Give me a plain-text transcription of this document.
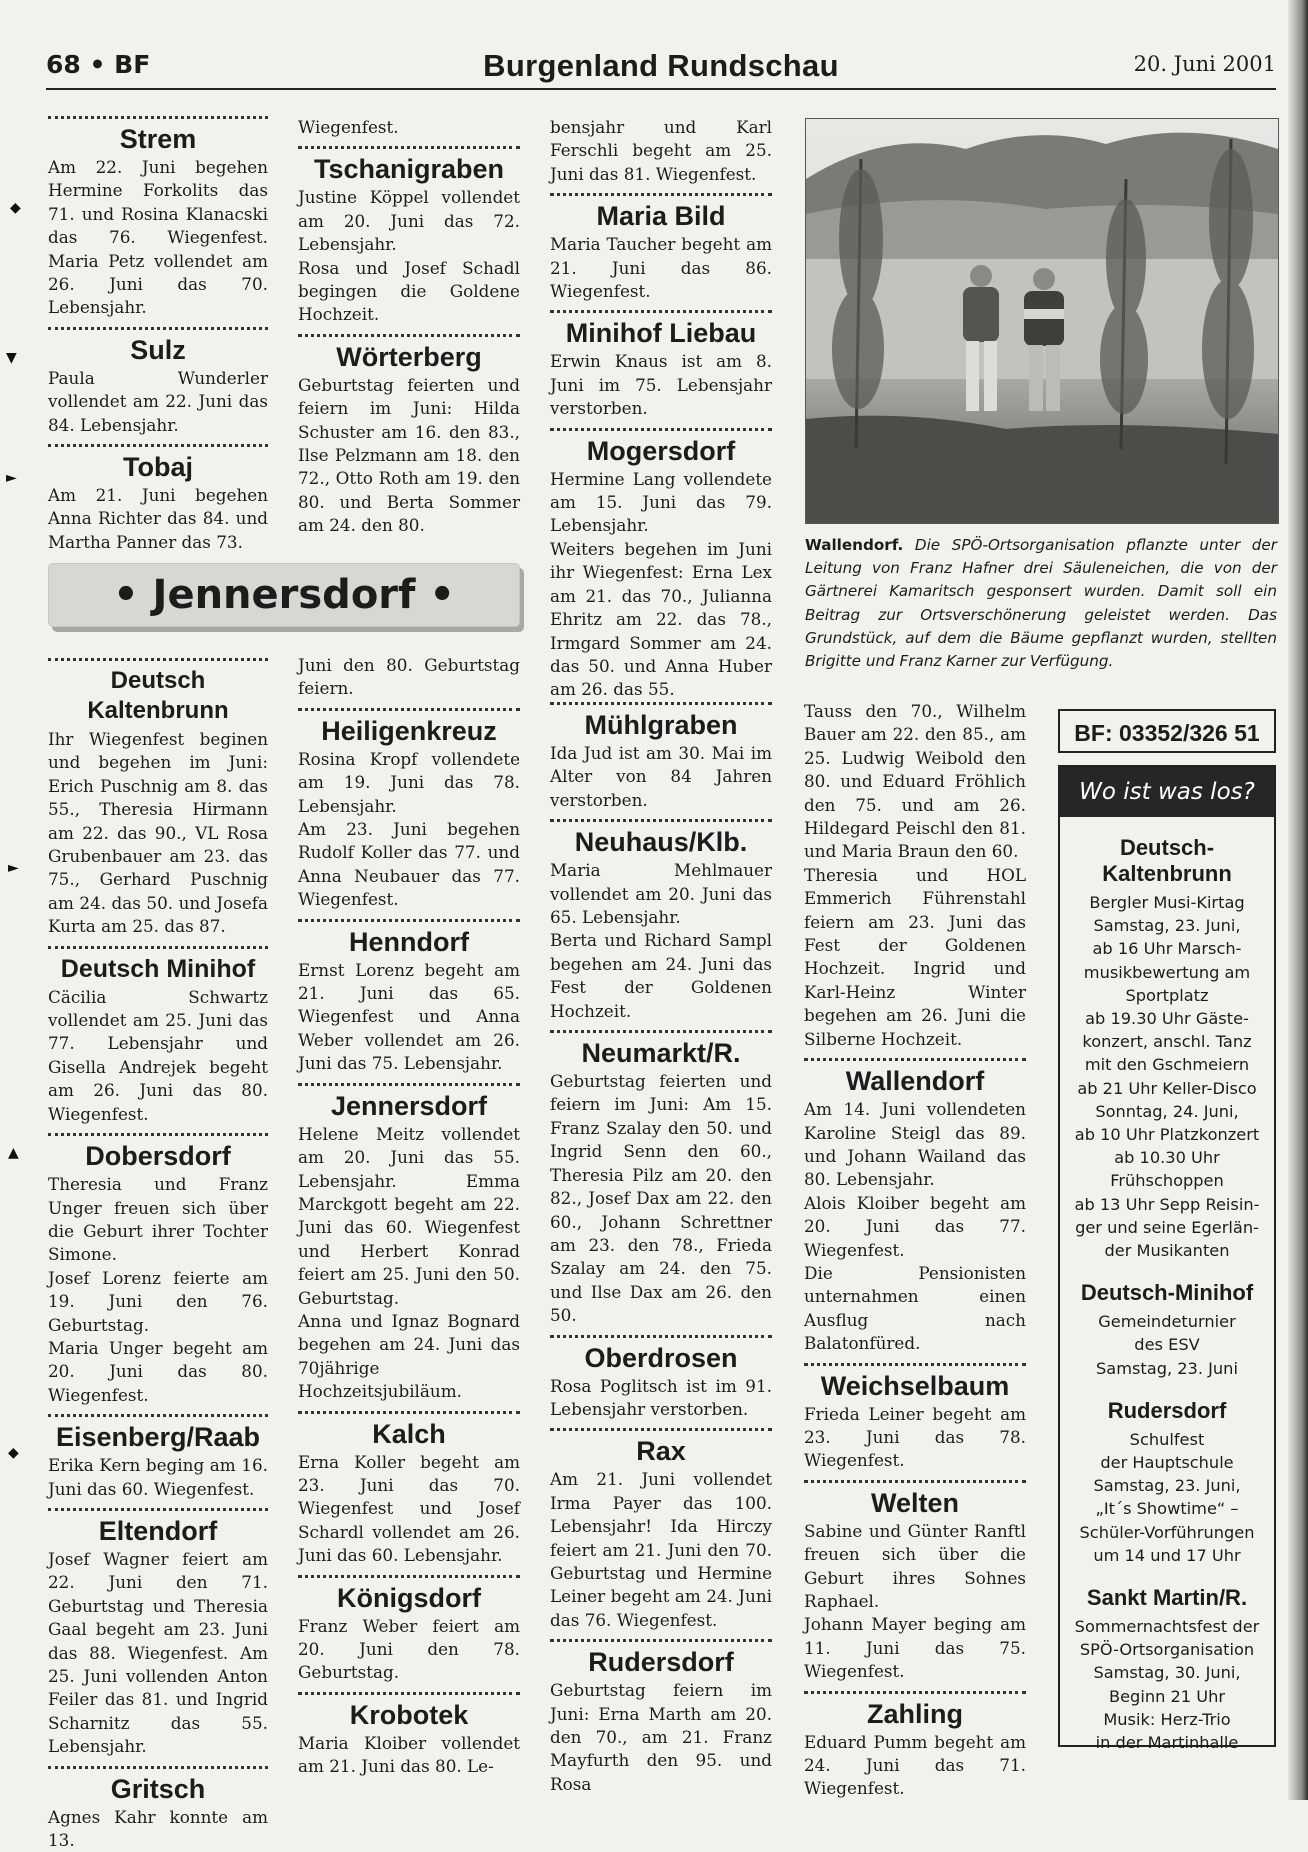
68 • BF	Burgenland Rundschau	20. Juni 2001
Strem

Am 22. Juni begehen Hermine Forkolits das 71. und Rosina Klanacski das 76. Wiegenfest. Maria Petz vollendet am 26. Juni das 70. Lebensjahr.

Sulz

Paula Wunderler vollendet am 22. Juni das 84. Lebensjahr.

Tobaj

Am 21. Juni begehen Anna Richter das 84. und Martha Panner das 73.

Wiegenfest.

Tschanigraben

Justine Köppel vollendet am 20. Juni das 72. Lebensjahr.

Rosa und Josef Schadl begingen die Goldene Hochzeit.

Wörterberg

Geburtstag feierten und feiern im Juni: Hilda Schuster am 16. den 83., Ilse Pelzmann am 18. den 72., Otto Roth am 19. den 80. und Berta Sommer am 24. den 80.

bensjahr und Karl Ferschli begeht am 25. Juni das 81. Wiegenfest.

Maria Bild

Maria Taucher begeht am 21. Juni das 86. Wiegenfest.

Minihof Liebau

Erwin Knaus ist am 8. Juni im 75. Lebensjahr verstorben.

Mogersdorf

Hermine Lang vollendete am 15. Juni das 79. Lebensjahr.

Weiters begehen im Juni ihr Wiegenfest: Erna Lex am 21. das 70., Julianna Ehritz am 22. das 78., Irmgard Sommer am 24. das 50. und Anna Huber am 26. das 55.

Wallendorf. Die SPÖ-Ortsorganisation pflanzte unter der Leitung von Franz Hafner drei Säuleneichen, die von der Gärtnerei Kamaritsch gesponsert wurden. Damit soll ein Beitrag zur Ortsverschönerung geleistet werden. Das Grundstück, auf dem die Bäume gepflanzt wurden, stellten Brigitte und Franz Karner zur Verfügung.
• Jennersdorf •
Deutsch Kaltenbrunn

Ihr Wiegenfest beginen und begehen im Juni: Erich Puschnig am 8. das 55., Theresia Hirmann am 22. das 90., VL Rosa Grubenbauer am 23. das 75., Gerhard Puschnig am 24. das 50. und Josefa Kurta am 25. das 87.

Deutsch Minihof

Cäcilia Schwartz vollendet am 25. Juni das 77. Lebensjahr und Gisella Andrejek begeht am 26. Juni das 80. Wiegenfest.

Dobersdorf

Theresia und Franz Unger freuen sich über die Geburt ihrer Tochter Simone.

Josef Lorenz feierte am 19. Juni den 76. Geburtstag.

Maria Unger begeht am 20. Juni das 80. Wiegenfest.

Eisenberg/Raab

Erika Kern beging am 16. Juni das 60. Wiegenfest.

Eltendorf

Josef Wagner feiert am 22. Juni den 71. Geburtstag und Theresia Gaal begeht am 23. Juni das 88. Wiegenfest. Am 25. Juni vollenden Anton Feiler das 81. und Ingrid Scharnitz das 55. Lebensjahr.

Gritsch

Agnes Kahr konnte am 13.

Juni den 80. Geburtstag feiern.

Heiligenkreuz

Rosina Kropf vollendete am 19. Juni das 78. Lebensjahr.

Am 23. Juni begehen Rudolf Koller das 77. und Anna Neubauer das 77. Wiegenfest.

Henndorf

Ernst Lorenz begeht am 21. Juni das 65. Wiegenfest und Anna Weber vollendet am 26. Juni das 75. Lebensjahr.

Jennersdorf

Helene Meitz vollendet am 20. Juni das 55. Lebensjahr. Emma Marckgott begeht am 22. Juni das 60. Wiegenfest und Herbert Konrad feiert am 25. Juni den 50. Geburtstag.

Anna und Ignaz Bognard begehen am 24. Juni das 70jährige Hochzeitsjubiläum.

Kalch

Erna Koller begeht am 23. Juni das 70. Wiegenfest und Josef Schardl vollendet am 26. Juni das 60. Lebensjahr.

Königsdorf

Franz Weber feiert am 20. Juni den 78. Geburtstag.

Krobotek

Maria Kloiber vollendet am 21. Juni das 80. Le-

Mühlgraben

Ida Jud ist am 30. Mai im Alter von 84 Jahren verstorben.

Neuhaus/Klb.

Maria Mehlmauer vollendet am 20. Juni das 65. Lebensjahr.

Berta und Richard Sampl begehen am 24. Juni das Fest der Goldenen Hochzeit.

Neumarkt/R.

Geburtstag feierten und feiern im Juni: Am 15. Franz Szalay den 50. und Ingrid Senn den 60., Theresia Pilz am 20. den 82., Josef Dax am 22. den 60., Johann Schrettner am 23. den 78., Frieda Szalay am 24. den 75. und Ilse Dax am 26. den 50.

Oberdrosen

Rosa Poglitsch ist im 91. Lebensjahr verstorben.

Rax

Am 21. Juni vollendet Irma Payer das 100. Lebensjahr! Ida Hirczy feiert am 21. Juni den 70. Geburtstag und Hermine Leiner begeht am 24. Juni das 76. Wiegenfest.

Rudersdorf

Geburtstag feiern im Juni: Erna Marth am 20. den 70., am 21. Franz Mayfurth den 95. und Rosa

Tauss den 70., Wilhelm Bauer am 22. den 85., am 25. Ludwig Weibold den 80. und Eduard Fröhlich den 75. und am 26. Hildegard Peischl den 81. und Maria Braun den 60.

Theresia und HOL Emmerich Führenstahl feiern am 23. Juni das Fest der Goldenen Hochzeit. Ingrid und Karl-Heinz Winter begehen am 26. Juni die Silberne Hochzeit.

Wallendorf

Am 14. Juni vollendeten Karoline Steigl das 89. und Johann Wailand das 80. Lebensjahr.

Alois Kloiber begeht am 20. Juni das 77. Wiegenfest.

Die Pensionisten unternahmen einen Ausflug nach Balatonfüred.

Weichselbaum

Frieda Leiner begeht am 23. Juni das 78. Wiegenfest.

Welten

Sabine und Günter Ranftl freuen sich über die Geburt ihres Sohnes Raphael.

Johann Mayer beging am 11. Juni das 75. Wiegenfest.

Zahling

Eduard Pumm begeht am 24. Juni das 71. Wiegenfest.

BF: 03352/326 51
Wo ist was los?
Deutsch-Kaltenbrunn

Bergler Musi-Kirtag

Samstag, 23. Juni,

ab 16 Uhr Marsch-

musikbewertung am

Sportplatz

ab 19.30 Uhr Gäste-

konzert, anschl. Tanz

mit den Gschmeiern

ab 21 Uhr Keller-Disco

Sonntag, 24. Juni,

ab 10 Uhr Platzkonzert

ab 10.30 Uhr

Frühschoppen

ab 13 Uhr Sepp Reisin-

ger und seine Egerlän-

der Musikanten

Deutsch-Minihof

Gemeindeturnier

des ESV

Samstag, 23. Juni

Rudersdorf

Schulfest

der Hauptschule

Samstag, 23. Juni,

„It´s Showtime“ –

Schüler-Vorführungen

um 14 und 17 Uhr

Sankt Martin/R.

Sommernachtsfest der

SPÖ-Ortsorganisation

Samstag, 30. Juni,

Beginn 21 Uhr

Musik: Herz-Trio

in der Martinhalle

◆
▼
►
►
▲
◆
